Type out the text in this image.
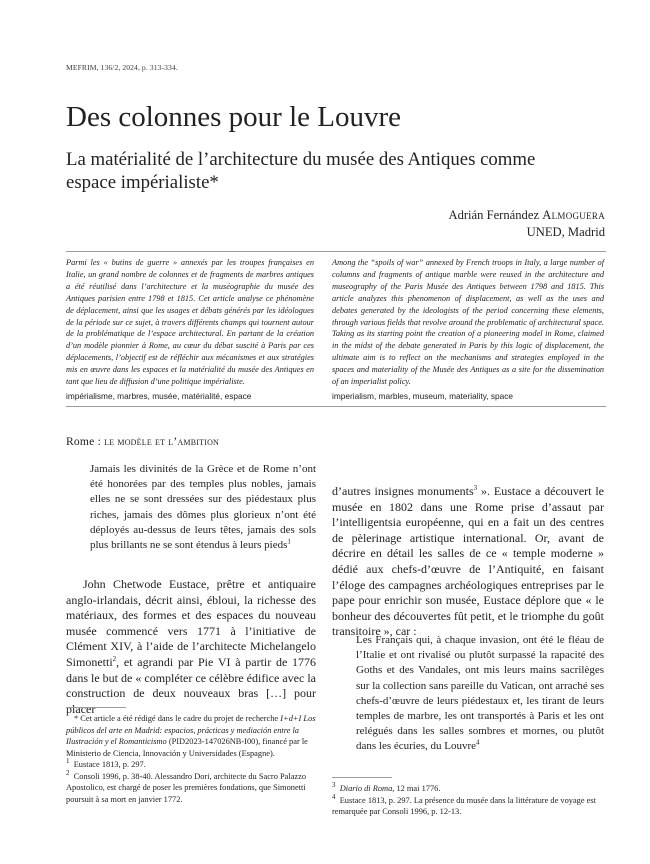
MEFRIM, 136/2, 2024, p. 313-334.
Des colonnes pour le Louvre
La matérialité de l’architecture du musée des Antiques comme espace impérialiste*
Adrián Fernández Almoguera
UNED, Madrid
Parmi les « butins de guerre » annexés par les troupes françaises en Italie, un grand nombre de colonnes et de fragments de marbres antiques a été réutilisé dans l’architecture et la muséographie du musée des Antiques parisien entre 1798 et 1815. Cet article analyse ce phénomène de déplacement, ainsi que les usages et débats générés par les idéologues de la période sur ce sujet, à travers différents champs qui tournent autour de la problématique de l’espace architectural. En partant de la création d’un modèle pionnier à Rome, au cœur du débat suscité à Paris par ces déplacements, l’objectif est de réfléchir aux mécanismes et aux stratégies mis en œuvre dans les espaces et la matérialité du musée des Antiques en tant que lieu de diffusion d’une politique impérialiste.
impérialisme, marbres, musée, matérialité, espace
Among the “spoils of war” annexed by French troops in Italy, a large number of columns and fragments of antique marble were reused in the architecture and museography of the Paris Musée des Antiques between 1798 and 1815. This article analyzes this phenomenon of displacement, as well as the uses and debates generated by the ideologists of the period concerning these elements, through various fields that revolve around the problematic of architectural space. Taking as its starting point the creation of a pioneering model in Rome, claimed in the midst of the debate generated in Paris by this logic of displacement, the ultimate aim is to reflect on the mechanisms and strategies employed in the spaces and materiality of the Musée des Antiques as a site for the dissemination of an imperialist policy.
imperialism, marbles, museum, materiality, space
Rome : le modèle et l’ambition
Jamais les divinités de la Grèce et de Rome n’ont été honorées par des temples plus nobles, jamais elles ne se sont dressées sur des piédestaux plus riches, jamais des dômes plus glorieux n’ont été déployés au-dessus de leurs têtes, jamais des sols plus brillants ne se sont étendus à leurs pieds$^1$
John Chetwode Eustace, prêtre et antiquaire anglo-irlandais, décrit ainsi, ébloui, la richesse des matériaux, des formes et des espaces du nouveau musée commencé vers 1771 à l’initiative de Clément XIV, à l’aide de l’architecte Michelangelo Simonetti$^2$, et agrandi par Pie VI à partir de 1776 dans le but de « compléter ce célèbre édifice avec la construction de deux nouveaux bras […] pour placer
d’autres insignes monuments$^3$ ». Eustace a découvert le musée en 1802 dans une Rome prise d’assaut par l’intelligentsia européenne, qui en a fait un des centres de pèlerinage artistique international. Or, avant de décrire en détail les salles de ce « temple moderne » dédié aux chefs-d’œuvre de l’Antiquité, en faisant l’éloge des campagnes archéologiques entreprises par le pape pour enrichir son musée, Eustace déplore que « le bonheur des découvertes fût petit, et le triomphe du goût transitoire », car :
Les Français qui, à chaque invasion, ont été le fléau de l’Italie et ont rivalisé ou plutôt surpassé la rapacité des Goths et des Vandales, ont mis leurs mains sacrilèges sur la collection sans pareille du Vatican, ont arraché ses chefs-d’œuvre de leurs piédestaux et, les tirant de leurs temples de marbre, les ont transportés à Paris et les ont relégués dans les salles sombres et mornes, ou plutôt dans les écuries, du Louvre$^4$

* Cet article a été rédigé dans le cadre du projet de recherche I+d+I Los públicos del arte en Madrid: espacios, prácticas y mediación entre la Ilustración y el Romanticismo (PID2023-147026NB-I00), financé par le Ministerio de Ciencia, Innovación y Universidades (Espagne).

$^1$ Eustace 1813, p. 297.

$^2$ Consoli 1996, p. 38-40. Alessandro Dori, architecte du Sacro Palazzo Apostolico, est chargé de poser les premières fondations, que Simonetti poursuit à sa mort en janvier 1772.

$^3$ Diario di Roma, 12 mai 1776.

$^4$ Eustace 1813, p. 297. La présence du musée dans la littérature de voyage est remarquée par Consoli 1996, p. 12-13.
